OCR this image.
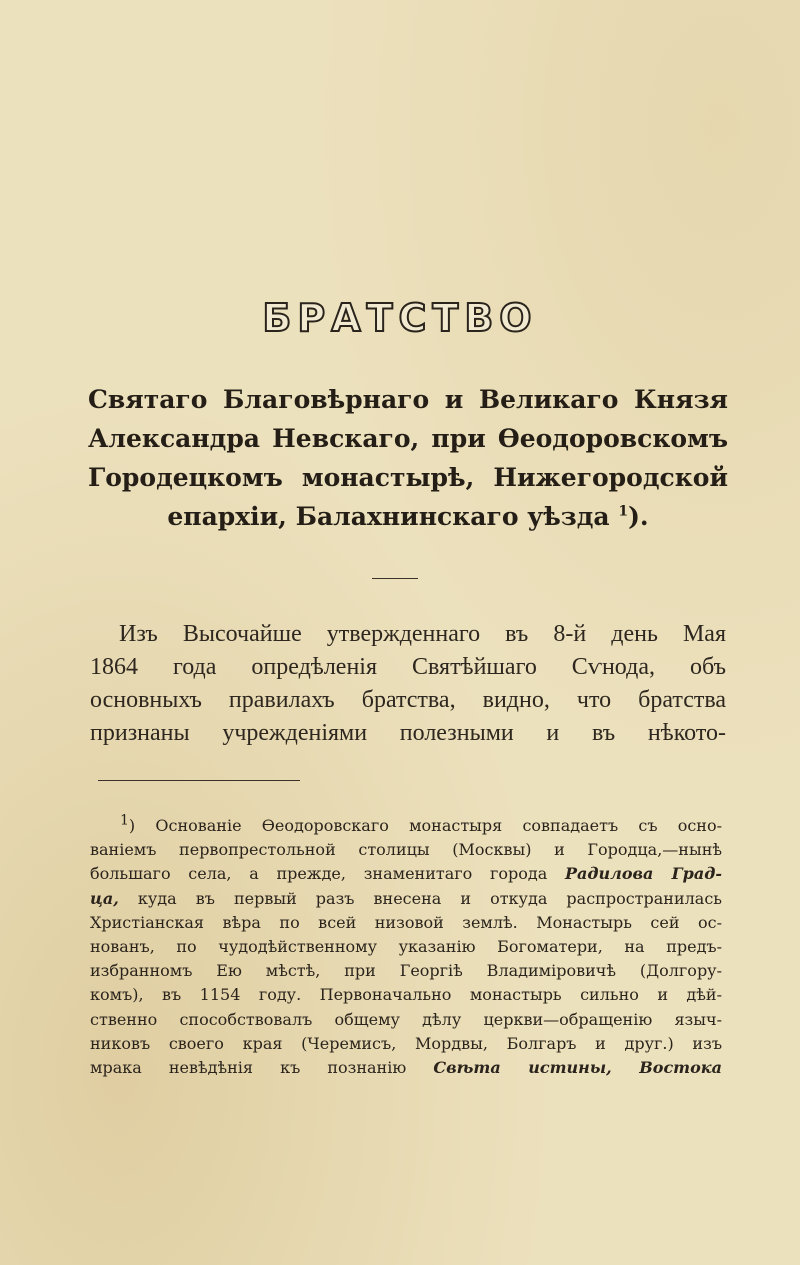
БРАТСТВО
Святаго Благовѣрнаго и Великаго Князя
Александра Невскаго, при Ѳеодоровскомъ
Городецкомъ монастырѣ, Нижегородской
епархіи, Балахнинскаго уѣзда $^1$).
Изъ Высочайше утвержденнаго въ 8-й день Мая
1864 года опредѣленія Святѣйшаго Сѵнода, объ
основныхъ правилахъ братства, видно, что братства
признаны учрежденіями полезными и въ нѣкото-
1) Основаніе Ѳеодоровскаго монастыря совпадаетъ съ осно-
ваніемъ первопрестольной столицы (Москвы) и Городца,—нынѣ
большаго села, а прежде, знаменитаго города Радилова Град-
ца, куда въ первый разъ внесена и откуда распространилась
Христіанская вѣра по всей низовой землѣ. Монастырь сей ос-
нованъ, по чудодѣйственному указанію Богоматери, на предъ-
избранномъ Ею мѣстѣ, при Георгіѣ Владиміровичѣ (Долгору-
комъ), въ 1154 году. Первоначально монастырь сильно и дѣй-
ственно способствовалъ общему дѣлу церкви—обращенію языч-
никовъ своего края (Черемисъ, Мордвы, Болгаръ и друг.) изъ
мрака невѣдѣнія къ познанію Свѣта истины, Востока
